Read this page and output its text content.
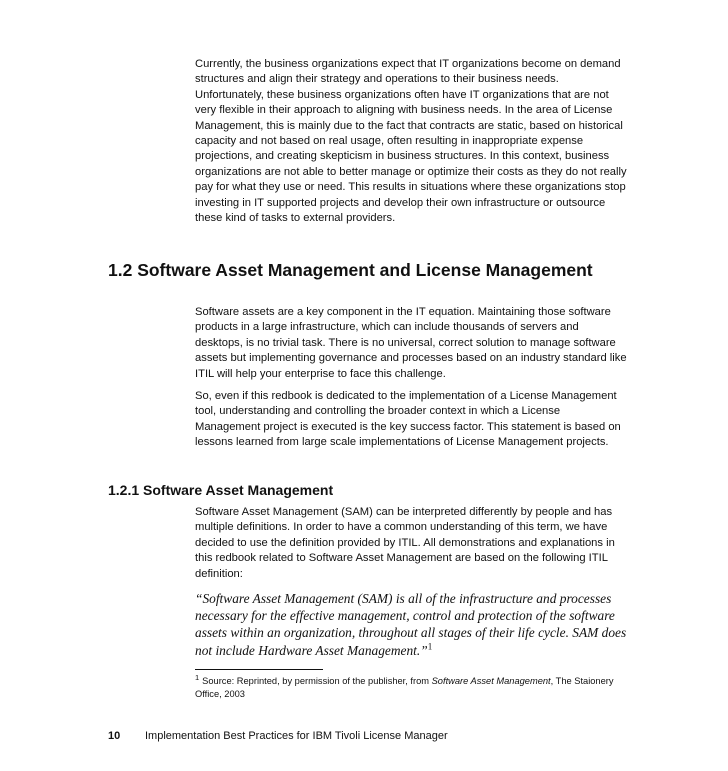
Currently, the business organizations expect that IT organizations become on demand structures and align their strategy and operations to their business needs. Unfortunately, these business organizations often have IT organizations that are not very flexible in their approach to aligning with business needs. In the area of License Management, this is mainly due to the fact that contracts are static, based on historical capacity and not based on real usage, often resulting in inappropriate expense projections, and creating skepticism in business structures. In this context, business organizations are not able to better manage or optimize their costs as they do not really pay for what they use or need. This results in situations where these organizations stop investing in IT supported projects and develop their own infrastructure or outsource these kind of tasks to external providers.

1.2 Software Asset Management and License Management

Software assets are a key component in the IT equation. Maintaining those software products in a large infrastructure, which can include thousands of servers and desktops, is no trivial task. There is no universal, correct solution to manage software assets but implementing governance and processes based on an industry standard like ITIL will help your enterprise to face this challenge.

So, even if this redbook is dedicated to the implementation of a License Management tool, understanding and controlling the broader context in which a License Management project is executed is the key success factor. This statement is based on lessons learned from large scale implementations of License Management projects.

1.2.1 Software Asset Management

Software Asset Management (SAM) can be interpreted differently by people and has multiple definitions. In order to have a common understanding of this term, we have decided to use the definition provided by ITIL. All demonstrations and explanations in this redbook related to Software Asset Management are based on the following ITIL definition:

“Software Asset Management (SAM) is all of the infrastructure and processes necessary for the effective management, control and protection of the software assets within an organization, throughout all stages of their life cycle. SAM does not include Hardware Asset Management.”$^1$

$^1$ Source: Reprinted, by permission of the publisher, from Software Asset Management, The Staionery Office, 2003

10 Implementation Best Practices for IBM Tivoli License Manager
